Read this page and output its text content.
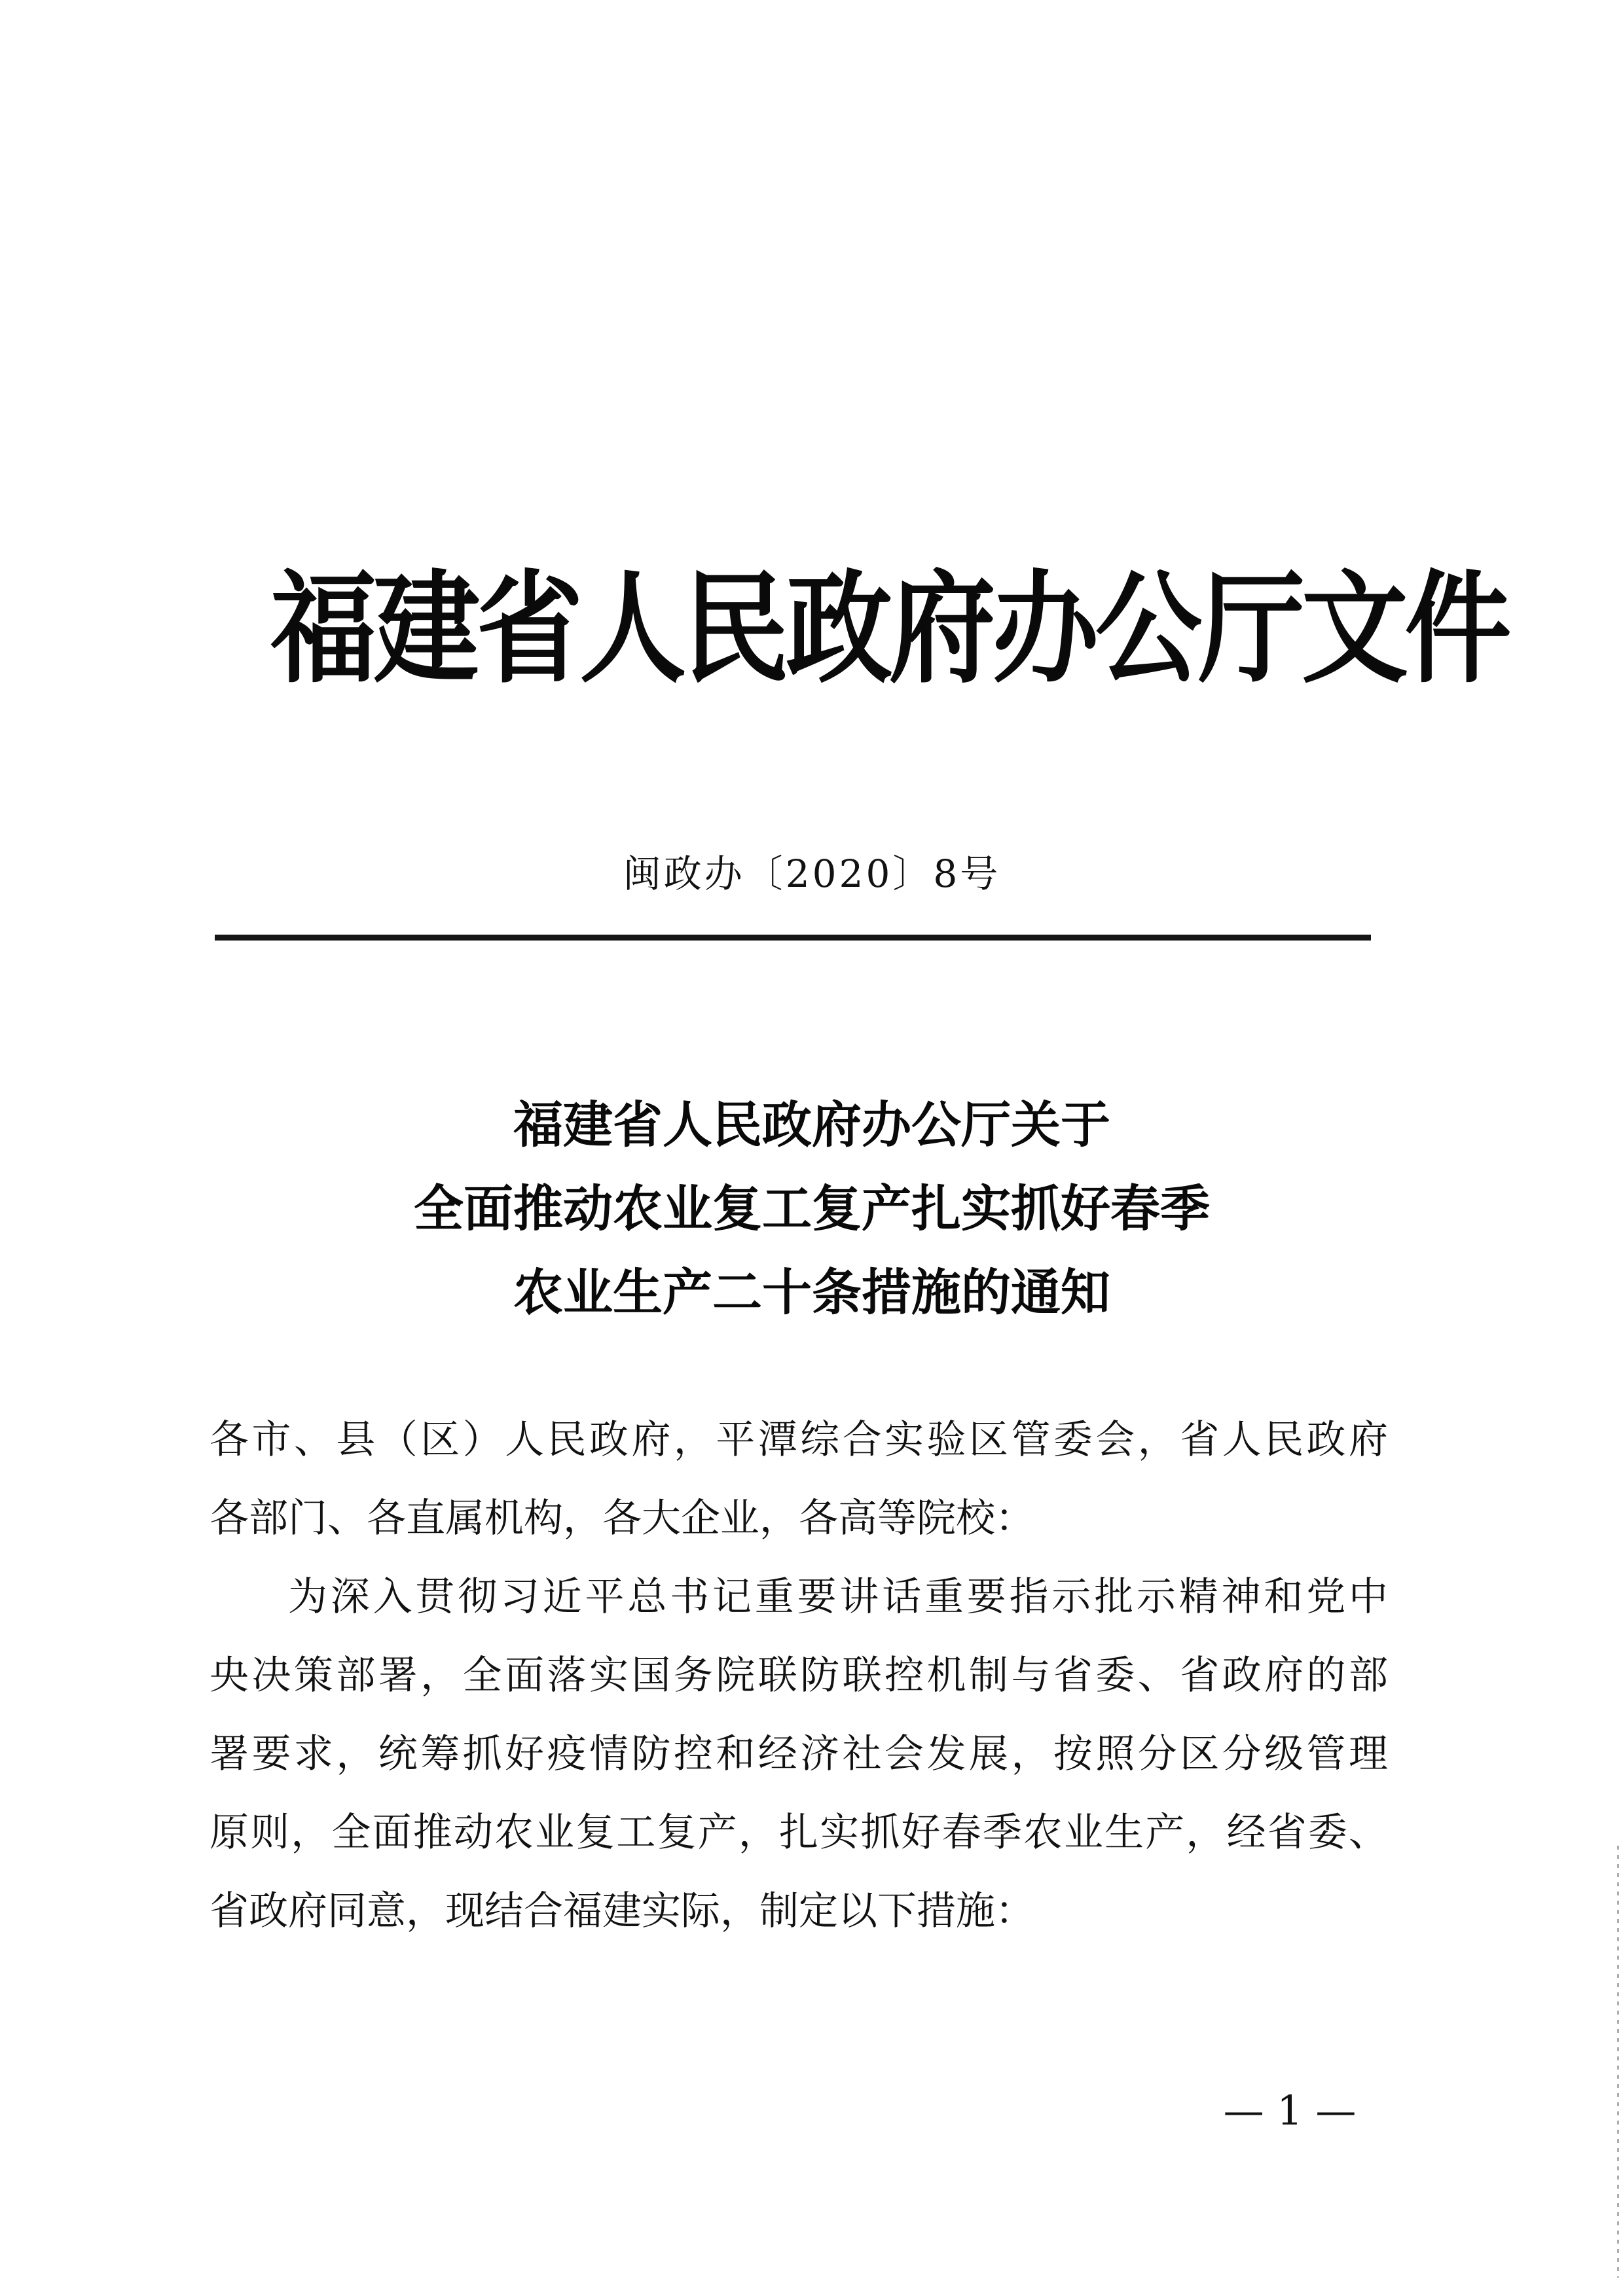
福建省人民政府办公厅文件
闽政办〔2020〕8号
福建省人民政府办公厅关于
全面推动农业复工复产扎实抓好春季
农业生产二十条措施的通知
各市、县（区）人民政府，平潭综合实验区管委会，省人民政府
各部门、各直属机构，各大企业，各高等院校：
为深入贯彻习近平总书记重要讲话重要指示批示精神和党中
央决策部署，全面落实国务院联防联控机制与省委、省政府的部
署要求，统筹抓好疫情防控和经济社会发展，按照分区分级管理
原则，全面推动农业复工复产，扎实抓好春季农业生产，经省委、
省政府同意，现结合福建实际，制定以下措施：
— 1 —
